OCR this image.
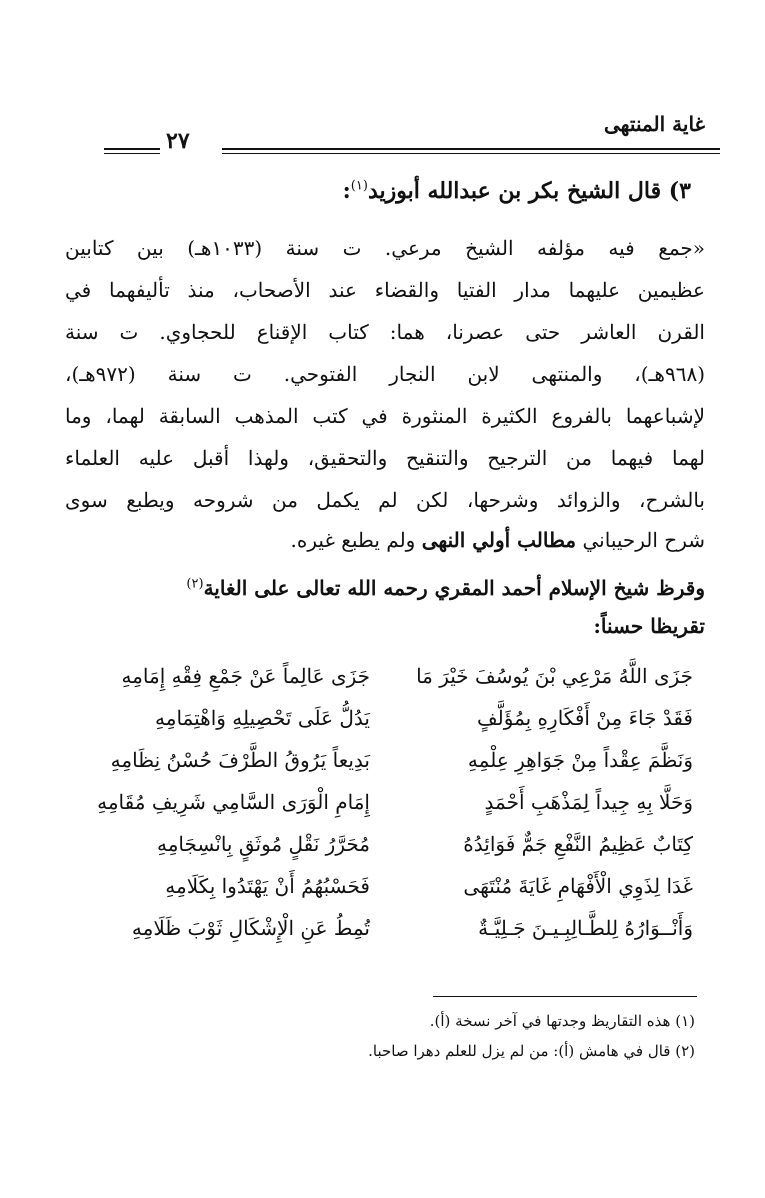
غاية المنتهى
٢٧
٣) قال الشيخ بكر بن عبدالله أبوزيد$^{(١)}$:
«جمع فيه مؤلفه الشيخ مرعي. ت سنة (١٠٣٣هـ) بين كتابين
عظيمين عليهما مدار الفتيا والقضاء عند الأصحاب، منذ تأليفهما في
القرن العاشر حتى عصرنا، هما: كتاب الإقناع للحجاوي. ت سنة
(٩٦٨هـ)، والمنتهى لابن النجار الفتوحي. ت سنة (٩٧٢هـ)،
لإشباعهما بالفروع الكثيرة المنثورة في كتب المذهب السابقة لهما، وما
لهما فيهما من الترجيح والتنقيح والتحقيق، ولهذا أقبل عليه العلماء
بالشرح، والزوائد وشرحها، لكن لم يكمل من شروحه ويطبع سوى
شرح الرحيباني مطالب أولي النهى ولم يطبع غيره.
وقرظ شيخ الإسلام أحمد المقري رحمه الله تعالى على الغاية$^{(٢)}$
تقريظا حسناً:
جَزَى اللَّهُ مَرْعِي بْنَ يُوسُفَ خَيْرَ مَا
جَزَى عَالِماً عَنْ جَمْعِ فِقْهِ إِمَامِهِ
فَقَدْ جَاءَ مِنْ أَفْكَارِهِ بِمُؤَلَّفٍ
يَدُلُّ عَلَى تَحْصِيلِهِ وَاهْتِمَامِهِ
وَنَظَّمَ عِقْداً مِنْ جَوَاهِرِ عِلْمِهِ
بَدِيعاً يَرُوقُ الطَّرْفَ حُسْنُ نِظَامِهِ
وَحَلَّا بِهِ جِيداً لِمَذْهَبِ أَحْمَدٍ
إِمَامِ الْوَرَى السَّامِي شَرِيفِ مُقَامِهِ
كِتَابٌ عَظِيمُ النَّفْعِ جَمٌّ فَوَائِدُهُ
مُحَرَّرُ نَقْلٍ مُوثَقٍ بِانْسِجَامِهِ
غَدَا لِذَوِي الْأَفْهَامِ غَايَةَ مُنْتَهَى
فَحَسْبُهُمُ أَنْ يَهْتَدُوا بِكَلَامِهِ
وَأَنْــوَارُهُ لِلطَّـالِبِـيـنَ جَـلِيَّـةٌ
تُمِطُ عَنِ الْإِشْكَالِ ثَوْبَ ظَلَامِهِ
(١) هذه التقاريظ وجدتها في آخر نسخة (أ).
(٢) قال في هامش (أ): من لم يزل للعلم دهرا صاحبا.
